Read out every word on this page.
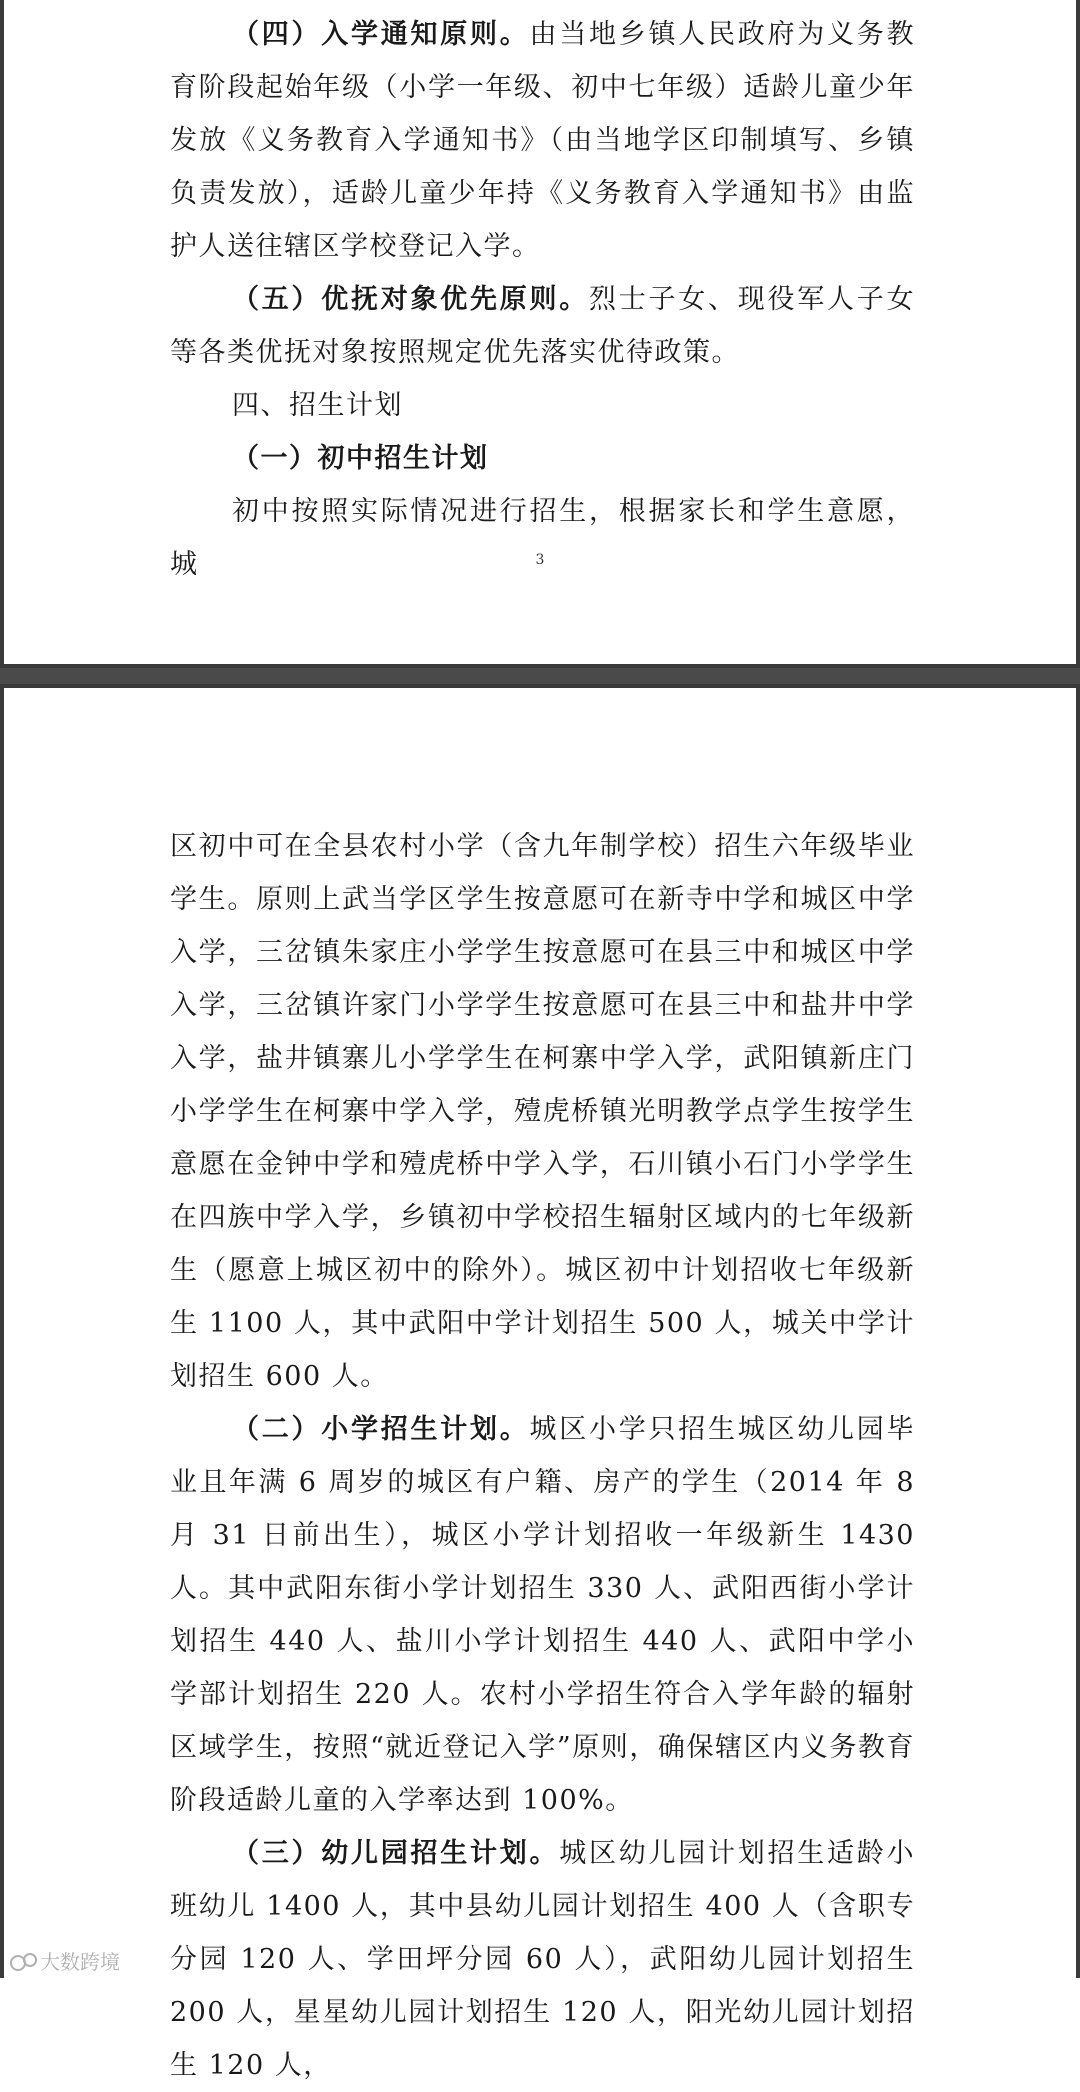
（四）入学通知原则。由当地乡镇人民政府为义务教育阶段起始年级（小学一年级、初中七年级）适龄儿童少年发放《义务教育入学通知书》（由当地学区印制填写、乡镇负责发放），适龄儿童少年持《义务教育入学通知书》由监护人送往辖区学校登记入学。

（五）优抚对象优先原则。烈士子女、现役军人子女等各类优抚对象按照规定优先落实优待政策。

四、招生计划

（一）初中招生计划

初中按照实际情况进行招生，根据家长和学生意愿，城	3

区初中可在全县农村小学（含九年制学校）招生六年级毕业学生。原则上武当学区学生按意愿可在新寺中学和城区中学入学，三岔镇朱家庄小学学生按意愿可在县三中和城区中学入学，三岔镇许家门小学学生按意愿可在县三中和盐井中学入学，盐井镇寨儿小学学生在柯寨中学入学，武阳镇新庄门小学学生在柯寨中学入学，殪虎桥镇光明教学点学生按学生意愿在金钟中学和殪虎桥中学入学，石川镇小石门小学学生在四族中学入学，乡镇初中学校招生辐射区域内的七年级新生（愿意上城区初中的除外）。城区初中计划招收七年级新生 1100 人，其中武阳中学计划招生 500 人，城关中学计划招生 600 人。

（二）小学招生计划。城区小学只招生城区幼儿园毕业且年满 6 周岁的城区有户籍、房产的学生（2014 年 8 月 31 日前出生），城区小学计划招收一年级新生 1430 人。其中武阳东街小学计划招生 330 人、武阳西街小学计划招生 440 人、盐川小学计划招生 440 人、武阳中学小学部计划招生 220 人。农村小学招生符合入学年龄的辐射区域学生，按照“就近登记入学”原则，确保辖区内义务教育阶段适龄儿童的入学率达到 100%。

（三）幼儿园招生计划。城区幼儿园计划招生适龄小班幼儿 1400 人，其中县幼儿园计划招生 400 人（含职专分园 120 人、学田坪分园 60 人），武阳幼儿园计划招生 200 人，星星幼儿园计划招生 120 人，阳光幼儿园计划招生 120 人，

大数跨境
